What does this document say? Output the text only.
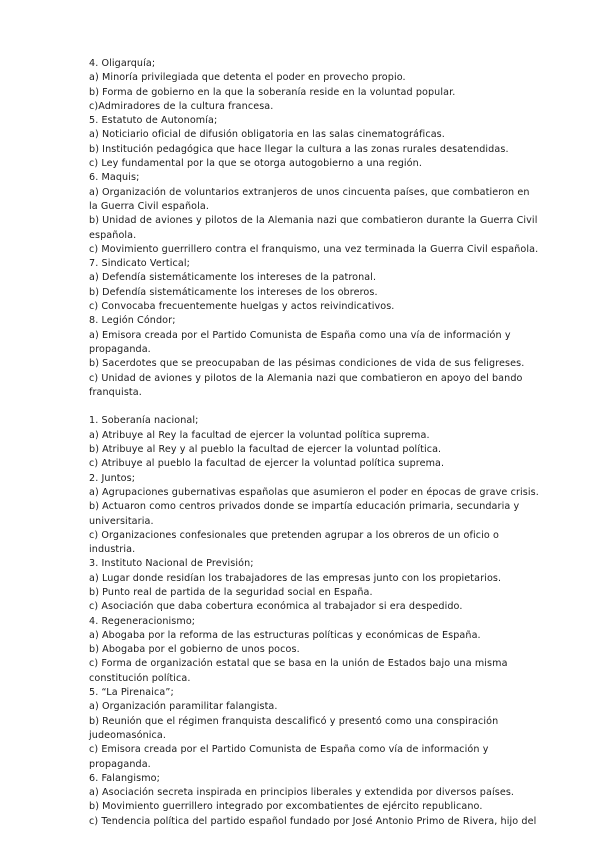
4. Oligarquía;
a) Minoría privilegiada que detenta el poder en provecho propio.
b) Forma de gobierno en la que la soberanía reside en la voluntad popular.
c)Admiradores de la cultura francesa.
5. Estatuto de Autonomía;
a) Noticiario oficial de difusión obligatoria en las salas cinematográficas.
b) Institución pedagógica que hace llegar la cultura a las zonas rurales desatendidas.
c) Ley fundamental por la que se otorga autogobierno a una región.
6. Maquis;
a) Organización de voluntarios extranjeros de unos cincuenta países, que combatieron en la Guerra Civil española.
b) Unidad de aviones y pilotos de la Alemania nazi que combatieron durante la Guerra Civil española.
c) Movimiento guerrillero contra el franquismo, una vez terminada la Guerra Civil española.
7. Sindicato Vertical;
a) Defendía sistemáticamente los intereses de la patronal.
b) Defendía sistemáticamente los intereses de los obreros.
c) Convocaba frecuentemente huelgas y actos reivindicativos.
8. Legión Cóndor;
a) Emisora creada por el Partido Comunista de España como una vía de información y propaganda.
b) Sacerdotes que se preocupaban de las pésimas condiciones de vida de sus feligreses.
c) Unidad de aviones y pilotos de la Alemania nazi que combatieron en apoyo del bando franquista.
1. Soberanía nacional;
a) Atribuye al Rey la facultad de ejercer la voluntad política suprema.
b) Atribuye al Rey y al pueblo la facultad de ejercer la voluntad política.
c) Atribuye al pueblo la facultad de ejercer la voluntad política suprema.
2. Juntos;
a) Agrupaciones gubernativas españolas que asumieron el poder en épocas de grave crisis.
b) Actuaron como centros privados donde se impartía educación primaria, secundaria y universitaria.
c) Organizaciones confesionales que pretenden agrupar a los obreros de un oficio o industria.
3. Instituto Nacional de Previsión;
a) Lugar donde residían los trabajadores de las empresas junto con los propietarios.
b) Punto real de partida de la seguridad social en España.
c) Asociación que daba cobertura económica al trabajador si era despedido.
4. Regeneracionismo;
a) Abogaba por la reforma de las estructuras políticas y económicas de España.
b) Abogaba por el gobierno de unos pocos.
c) Forma de organización estatal que se basa en la unión de Estados bajo una misma constitución política.
5. “La Pirenaica”;
a) Organización paramilitar falangista.
b) Reunión que el régimen franquista descalificó y presentó como una conspiración judeomasónica.
c) Emisora creada por el Partido Comunista de España como vía de información y propaganda.
6. Falangismo;
a) Asociación secreta inspirada en principios liberales y extendida por diversos países.
b) Movimiento guerrillero integrado por excombatientes de ejército republicano.
c) Tendencia política del partido español fundado por José Antonio Primo de Rivera, hijo del
